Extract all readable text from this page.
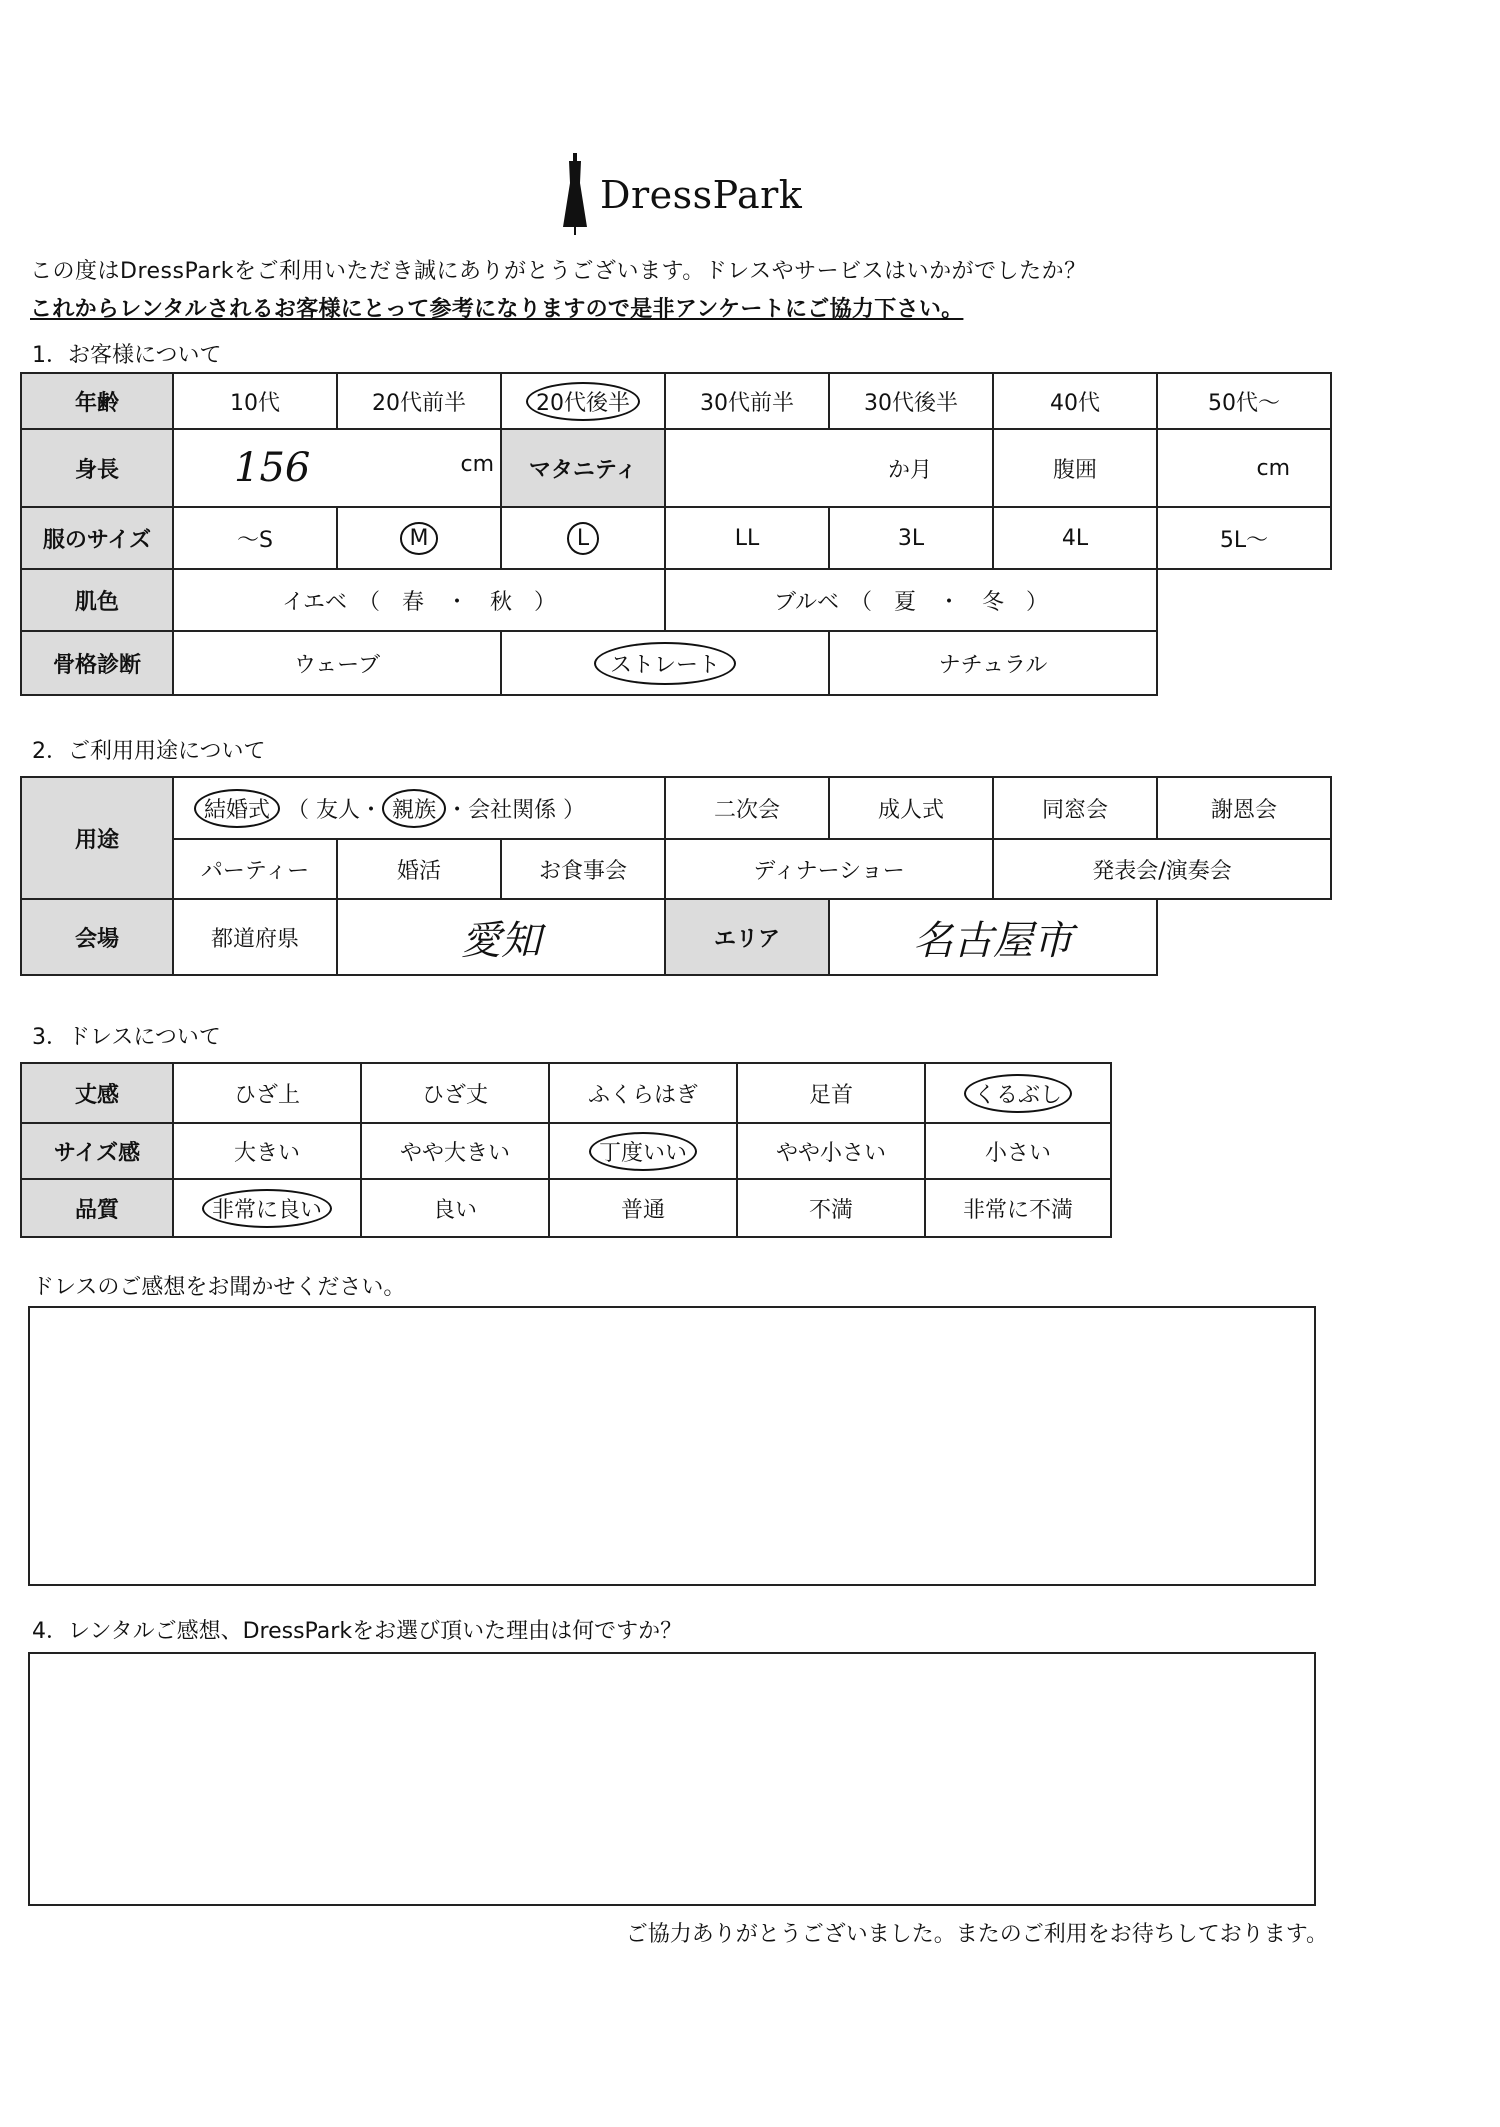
DressPark
この度はDressParkをご利用いただき誠にありがとうございます。ドレスやサービスはいかがでしたか？
これからレンタルされるお客様にとって参考になりますので是非アンケートにご協力下さい。
1．お客様について
年齢	10代	20代前半	20代後半	30代前半	30代後半	40代	50代〜
身長	156 cm		マタニティ	か月		腹囲	cm
服のサイズ	〜S	M	L	LL	3L	4L	5L〜
肌色	イエベ　（　春　・　秋　）			ブルベ　（　夏　・　冬　）			
骨格診断	ウェーブ		ストレート		ナチュラル		
2．ご利用用途について
用途	結婚式 （ 友人・ 親族 ・会社関係 ）			二次会	成人式	同窓会	謝恩会
	パーティー	婚活	お食事会	ディナーショー		発表会/演奏会	
会場	都道府県	愛知		エリア	名古屋市		
3．ドレスについて
丈感	ひざ上	ひざ丈	ふくらはぎ	足首	くるぶし
サイズ感	大きい	やや大きい	丁度いい	やや小さい	小さい
品質	非常に良い	良い	普通	不満	非常に不満
ドレスのご感想をお聞かせください。
4．レンタルご感想、DressParkをお選び頂いた理由は何ですか？
ご協力ありがとうございました。またのご利用をお待ちしております。
